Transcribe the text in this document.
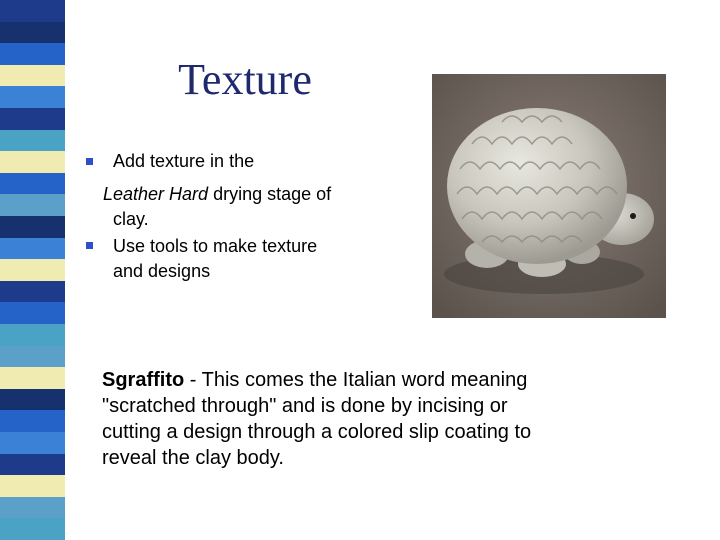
Texture
Add texture in the
Leather Hard drying stage of
clay.
Use tools to make texture
and designs
Sgraffito - This comes the Italian word meaning
"scratched through" and is done by incising or
cutting a design through a colored slip coating to
reveal the clay body.
